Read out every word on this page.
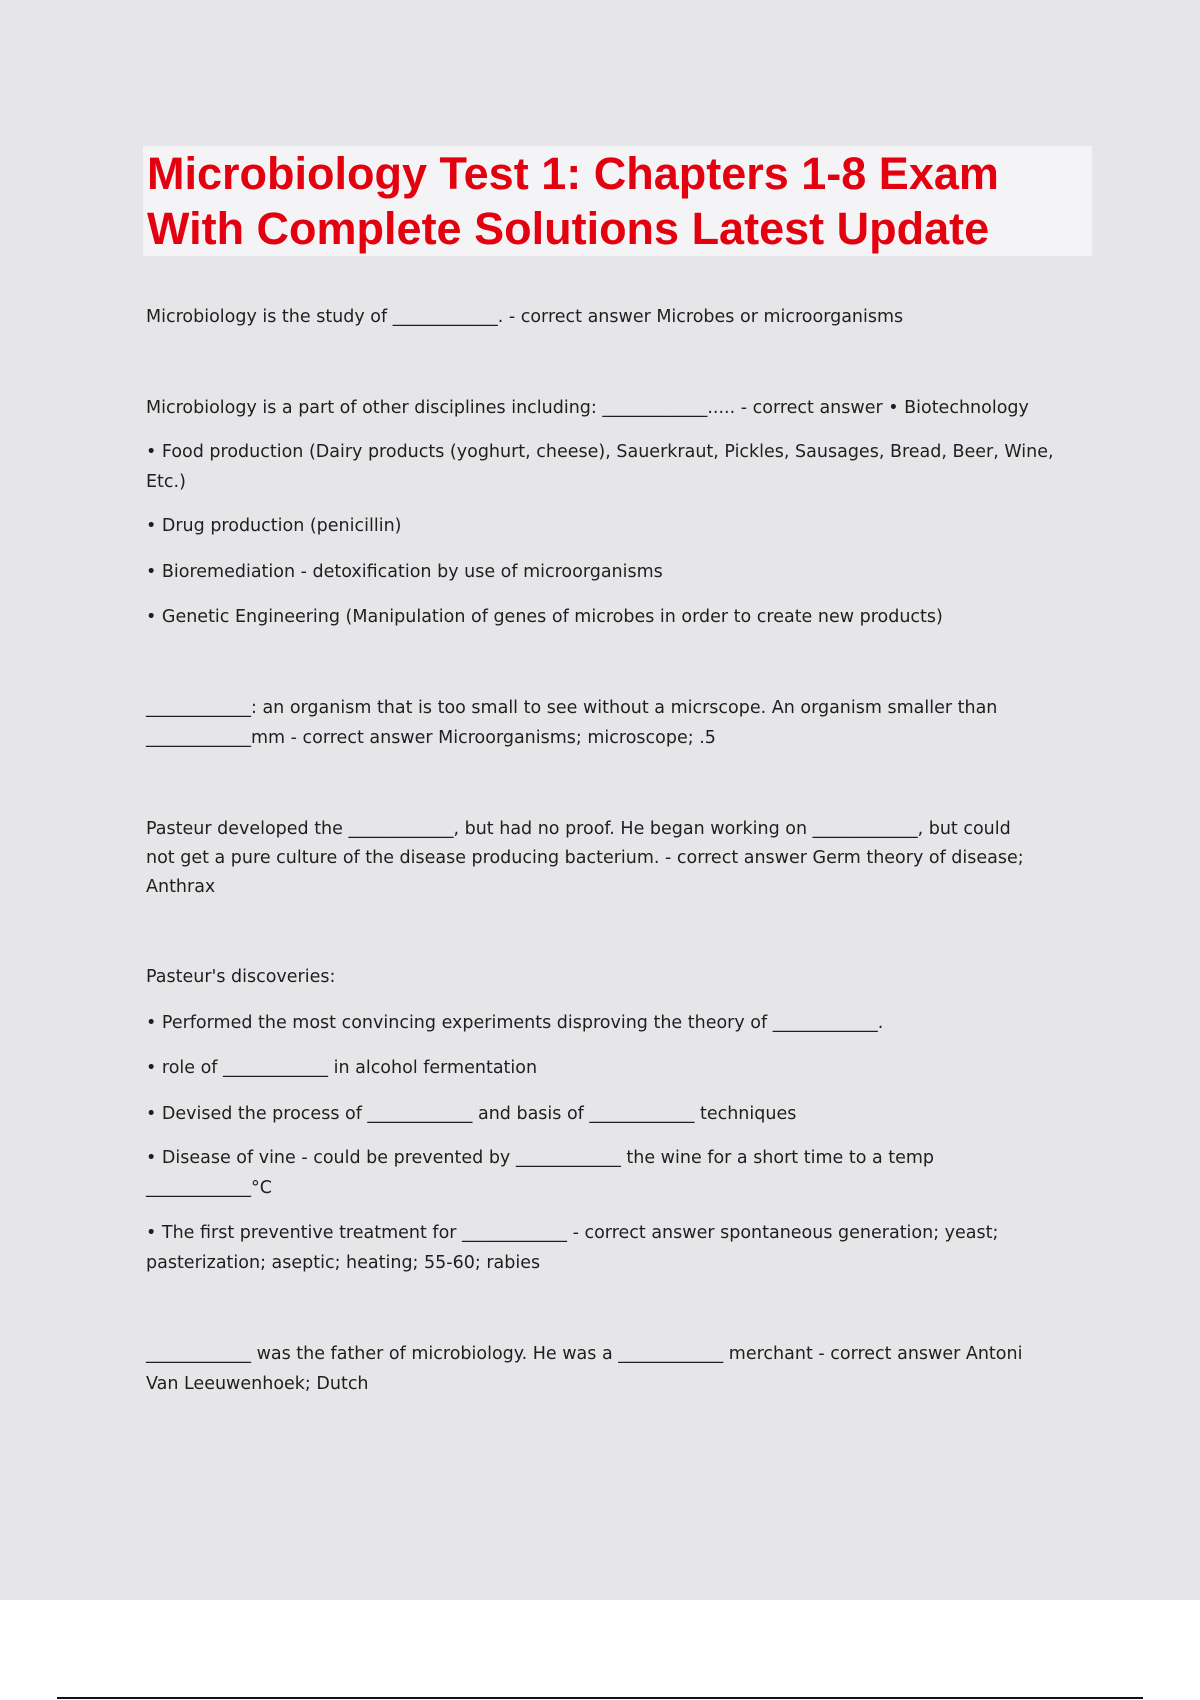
Microbiology Test 1: Chapters 1-8 Exam
With Complete Solutions Latest Update

Microbiology is the study of ____________. - correct answer Microbes or microorganisms

Microbiology is a part of other disciplines including: ____________..... - correct answer • Biotechnology

• Food production (Dairy products (yoghurt, cheese), Sauerkraut, Pickles, Sausages, Bread, Beer, Wine,

Etc.)

• Drug production (penicillin)

• Bioremediation - detoxification by use of microorganisms

• Genetic Engineering (Manipulation of genes of microbes in order to create new products)

____________: an organism that is too small to see without a micrscope. An organism smaller than

____________mm - correct answer Microorganisms; microscope; .5

Pasteur developed the ____________, but had no proof. He began working on ____________, but could

not get a pure culture of the disease producing bacterium. - correct answer Germ theory of disease;

Anthrax

Pasteur's discoveries:

• Performed the most convincing experiments disproving the theory of ____________.

• role of ____________ in alcohol fermentation

• Devised the process of ____________ and basis of ____________ techniques

• Disease of vine - could be prevented by ____________ the wine for a short time to a temp

____________°C

• The first preventive treatment for ____________ - correct answer spontaneous generation; yeast;

pasterization; aseptic; heating; 55-60; rabies

____________ was the father of microbiology. He was a ____________ merchant - correct answer Antoni

Van Leeuwenhoek; Dutch
